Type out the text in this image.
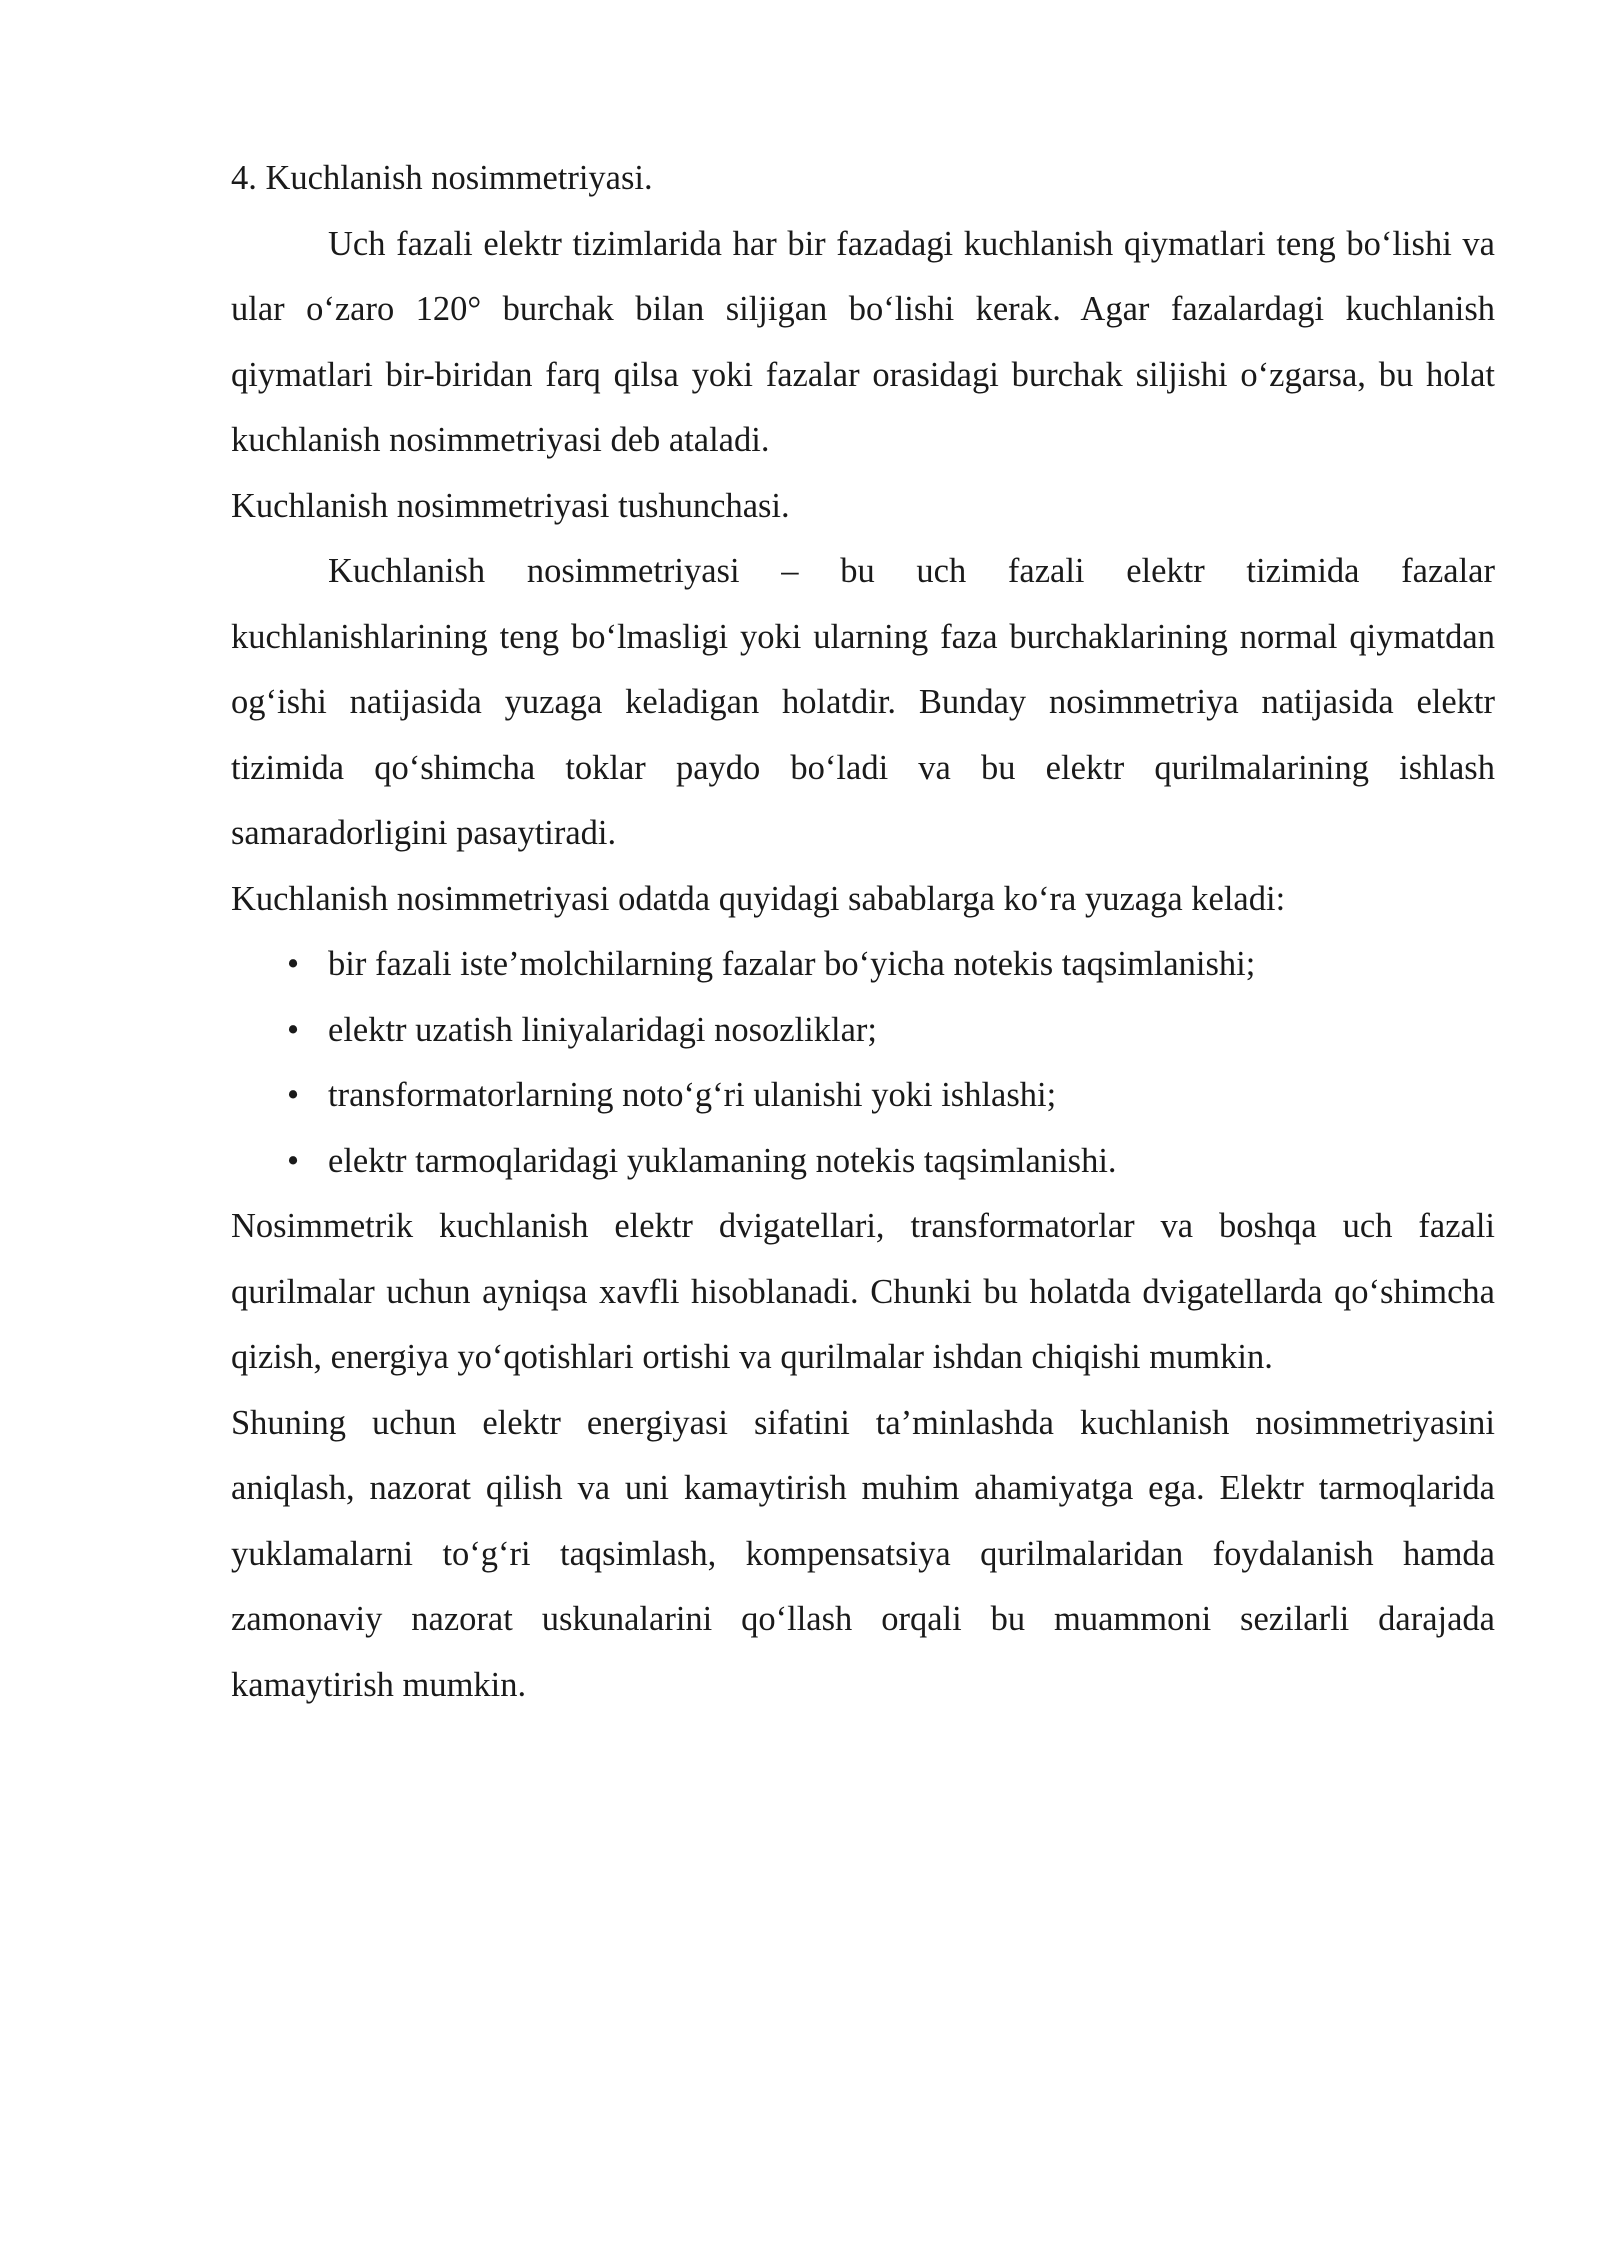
4. Kuchlanish nosimmetriyasi.

Uch fazali elektr tizimlarida har bir fazadagi kuchlanish qiymatlari teng bo‘lishi va ular o‘zaro 120° burchak bilan siljigan bo‘lishi kerak. Agar fazalardagi kuchlanish qiymatlari bir-biridan farq qilsa yoki fazalar orasidagi burchak siljishi o‘zgarsa, bu holat kuchlanish nosimmetriyasi deb ataladi.

Kuchlanish nosimmetriyasi tushunchasi.

Kuchlanish nosimmetriyasi – bu uch fazali elektr tizimida fazalar kuchlanishlarining teng bo‘lmasligi yoki ularning faza burchaklarining normal qiymatdan og‘ishi natijasida yuzaga keladigan holatdir. Bunday nosimmetriya natijasida elektr tizimida qo‘shimcha toklar paydo bo‘ladi va bu elektr qurilmalarining ishlash samaradorligini pasaytiradi.

Kuchlanish nosimmetriyasi odatda quyidagi sabablarga ko‘ra yuzaga keladi:

• bir fazali iste’molchilarning fazalar bo‘yicha notekis taqsimlanishi;
• elektr uzatish liniyalaridagi nosozliklar;
• transformatorlarning noto‘g‘ri ulanishi yoki ishlashi;
• elektr tarmoqlaridagi yuklamaning notekis taqsimlanishi.

Nosimmetrik kuchlanish elektr dvigatellari, transformatorlar va boshqa uch fazali qurilmalar uchun ayniqsa xavfli hisoblanadi. Chunki bu holatda dvigatellarda qo‘shimcha qizish, energiya yo‘qotishlari ortishi va qurilmalar ishdan chiqishi mumkin.

Shuning uchun elektr energiyasi sifatini ta’minlashda kuchlanish nosimmetriyasini aniqlash, nazorat qilish va uni kamaytirish muhim ahamiyatga ega. Elektr tarmoqlarida yuklamalarni to‘g‘ri taqsimlash, kompensatsiya qurilmalaridan foydalanish hamda zamonaviy nazorat uskunalarini qo‘llash orqali bu muammoni sezilarli darajada kamaytirish mumkin.
